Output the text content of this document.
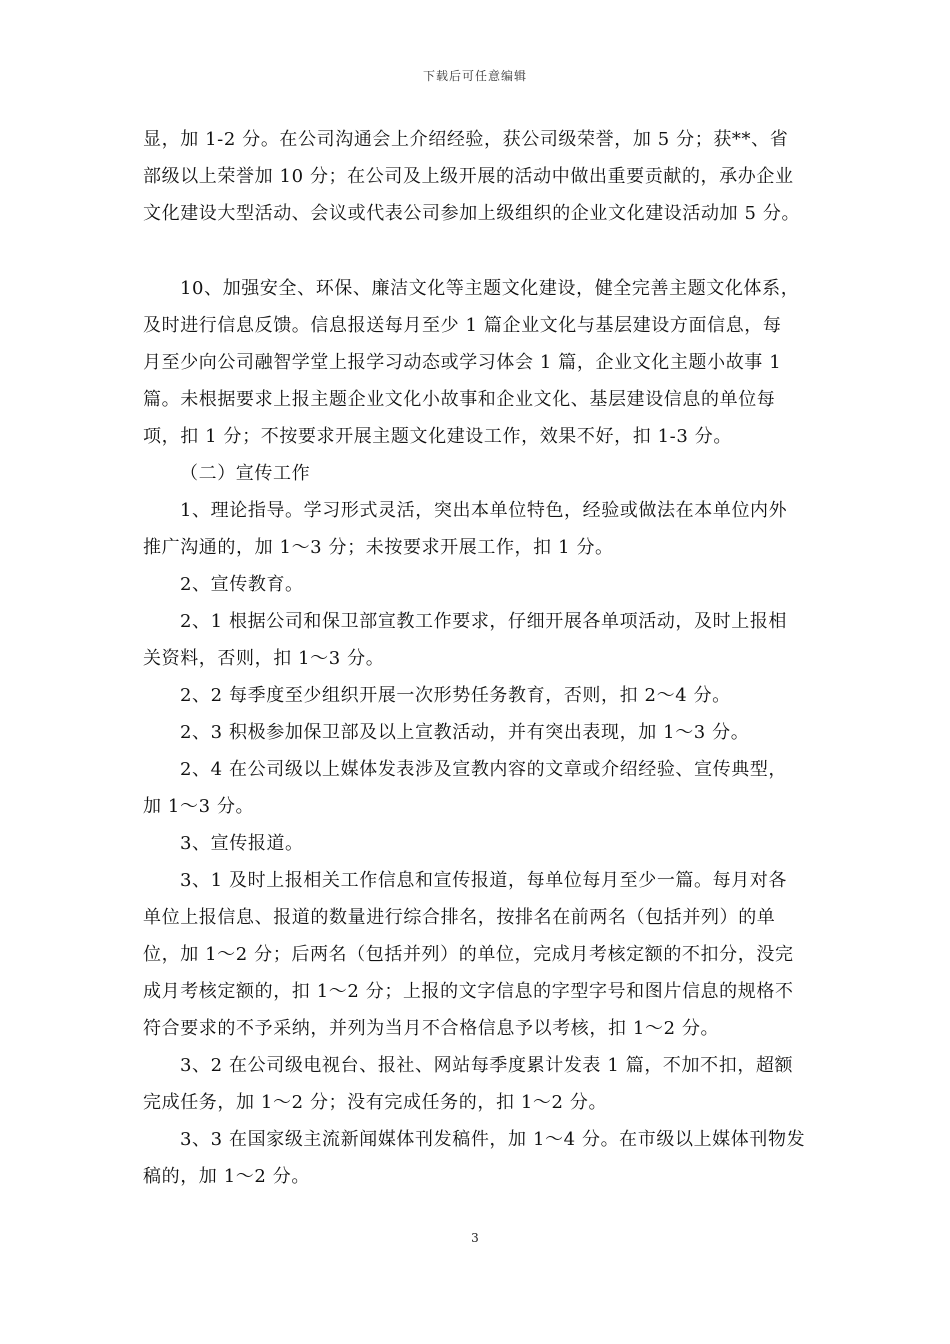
下载后可任意编辑
显，加 1-2 分。在公司沟通会上介绍经验，获公司级荣誉，加 5 分；获**、省
部级以上荣誉加 10 分；在公司及上级开展的活动中做出重要贡献的，承办企业
文化建设大型活动、会议或代表公司参加上级组织的企业文化建设活动加 5 分。
10、加强安全、环保、廉洁文化等主题文化建设，健全完善主题文化体系，
及时进行信息反馈。信息报送每月至少 1 篇企业文化与基层建设方面信息，每
月至少向公司融智学堂上报学习动态或学习体会 1 篇，企业文化主题小故事 1
篇。未根据要求上报主题企业文化小故事和企业文化、基层建设信息的单位每
项，扣 1 分；不按要求开展主题文化建设工作，效果不好，扣 1-3 分。
（二）宣传工作
1、理论指导。学习形式灵活，突出本单位特色，经验或做法在本单位内外
推广沟通的，加 1～3 分；未按要求开展工作，扣 1 分。
2、宣传教育。
2、1 根据公司和保卫部宣教工作要求，仔细开展各单项活动，及时上报相
关资料，否则，扣 1～3 分。
2、2 每季度至少组织开展一次形势任务教育，否则，扣 2～4 分。
2、3 积极参加保卫部及以上宣教活动，并有突出表现，加 1～3 分。
2、4 在公司级以上媒体发表涉及宣教内容的文章或介绍经验、宣传典型，
加 1～3 分。
3、宣传报道。
3、1 及时上报相关工作信息和宣传报道，每单位每月至少一篇。每月对各
单位上报信息、报道的数量进行综合排名，按排名在前两名（包括并列）的单
位，加 1～2 分；后两名（包括并列）的单位，完成月考核定额的不扣分，没完
成月考核定额的，扣 1～2 分；上报的文字信息的字型字号和图片信息的规格不
符合要求的不予采纳，并列为当月不合格信息予以考核，扣 1～2 分。
3、2 在公司级电视台、报社、网站每季度累计发表 1 篇，不加不扣，超额
完成任务，加 1～2 分；没有完成任务的，扣 1～2 分。
3、3 在国家级主流新闻媒体刊发稿件，加 1～4 分。在市级以上媒体刊物发
稿的，加 1～2 分。
3
